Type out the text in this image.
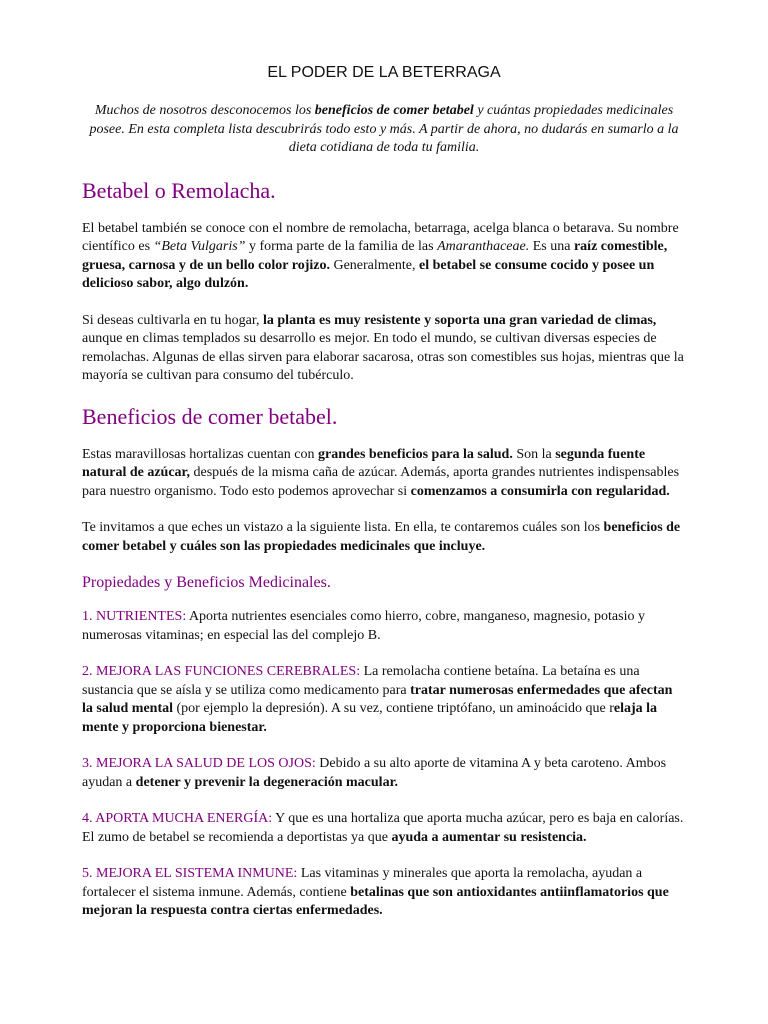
EL PODER DE LA BETERRAGA

Muchos de nosotros desconocemos los beneficios de comer betabel y cuántas propiedades medicinales posee. En esta completa lista descubrirás todo esto y más. A partir de ahora, no dudarás en sumarlo a la dieta cotidiana de toda tu familia.

Betabel o Remolacha.

El betabel también se conoce con el nombre de remolacha, betarraga, acelga blanca o betarava. Su nombre científico es “Beta Vulgaris” y forma parte de la familia de las Amaranthaceae. Es una raíz comestible, gruesa, carnosa y de un bello color rojizo. Generalmente, el betabel se consume cocido y posee un delicioso sabor, algo dulzón.

Si deseas cultivarla en tu hogar, la planta es muy resistente y soporta una gran variedad de climas, aunque en climas templados su desarrollo es mejor. En todo el mundo, se cultivan diversas especies de remolachas. Algunas de ellas sirven para elaborar sacarosa, otras son comestibles sus hojas, mientras que la mayoría se cultivan para consumo del tubérculo.

Beneficios de comer betabel.

Estas maravillosas hortalizas cuentan con grandes beneficios para la salud. Son la segunda fuente natural de azúcar, después de la misma caña de azúcar. Además, aporta grandes nutrientes indispensables para nuestro organismo. Todo esto podemos aprovechar si comenzamos a consumirla con regularidad.

Te invitamos a que eches un vistazo a la siguiente lista. En ella, te contaremos cuáles son los beneficios de comer betabel y cuáles son las propiedades medicinales que incluye.

Propiedades y Beneficios Medicinales.

1. NUTRIENTES: Aporta nutrientes esenciales como hierro, cobre, manganeso, magnesio, potasio y numerosas vitaminas; en especial las del complejo B.

2. MEJORA LAS FUNCIONES CEREBRALES: La remolacha contiene betaína. La betaína es una sustancia que se aísla y se utiliza como medicamento para tratar numerosas enfermedades que afectan la salud mental (por ejemplo la depresión). A su vez, contiene triptófano, un aminoácido que relaja la mente y proporciona bienestar.

3. MEJORA LA SALUD DE LOS OJOS: Debido a su alto aporte de vitamina A y beta caroteno. Ambos ayudan a detener y prevenir la degeneración macular.

4. APORTA MUCHA ENERGÍA: Y que es una hortaliza que aporta mucha azúcar, pero es baja en calorías. El zumo de betabel se recomienda a deportistas ya que ayuda a aumentar su resistencia.

5. MEJORA EL SISTEMA INMUNE: Las vitaminas y minerales que aporta la remolacha, ayudan a fortalecer el sistema inmune. Además, contiene betalinas que son antioxidantes antiinflamatorios que mejoran la respuesta contra ciertas enfermedades.
